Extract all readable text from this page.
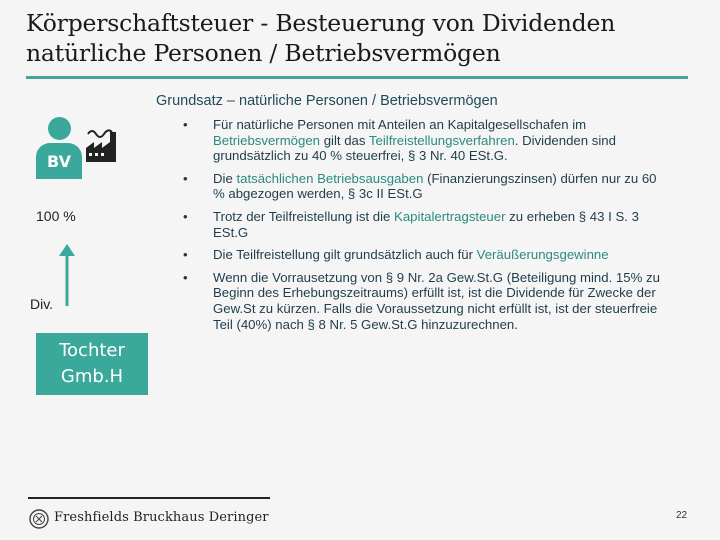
Körperschaftsteuer - Besteuerung von Dividenden
natürliche Personen / Betriebsvermögen
Grundsatz – natürliche Personen / Betriebsvermögen
• Für natürliche Personen mit Anteilen an Kapitalgesellschafen im Betriebsvermögen gilt das Teilfreistellungsverfahren. Dividenden sind grundsätzlich zu 40 % steuerfrei, § 3 Nr. 40 ESt.G.
• Die tatsächlichen Betriebsausgaben (Finanzierungszinsen) dürfen nur zu 60 % abgezogen werden, § 3c II ESt.G
• Trotz der Teilfreistellung ist die Kapitalertragsteuer zu erheben § 43 I S. 3 ESt.G
• Die Teilfreistellung gilt grundsätzlich auch für Veräußerungsgewinne
• Wenn die Vorrausetzung von § 9 Nr. 2a Gew.St.G (Beteiligung mind. 15% zu Beginn des Erhebungszeitraums) erfüllt ist, ist die Dividende für Zwecke der Gew.St zu kürzen. Falls die Voraussetzung nicht erfüllt ist, ist der steuerfreie Teil (40%) nach § 8 Nr. 5 Gew.St.G hinzuzurechnen.
BV
100 %
Div.
Tochter
Gmb.H
Freshfields Bruckhaus Deringer	22
